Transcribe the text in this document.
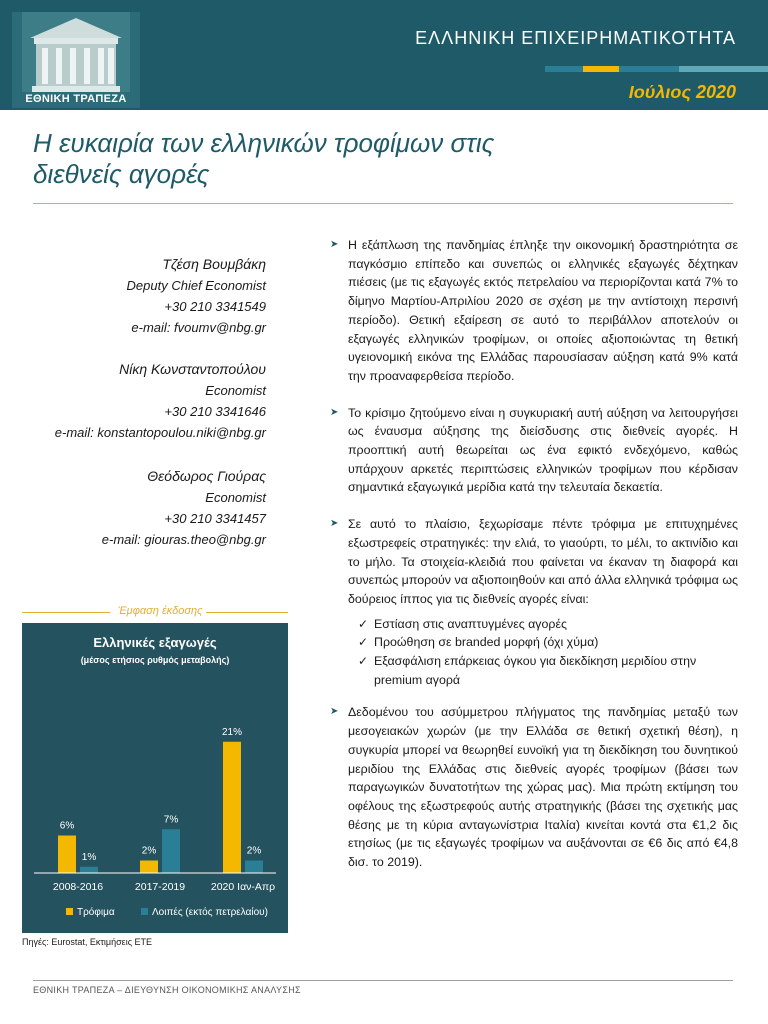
ΕΘΝΙΚΗ ΤΡΑΠΕΖΑ
ΕΛΛΗΝΙΚΗ ΕΠΙΧΕΙΡΗΜΑΤΙΚΟΤΗΤΑ
Ιούλιος 2020
Η ευκαιρία των ελληνικών τροφίμων στις
διεθνείς αγορές
Τζέση Βουμβάκη
Deputy Chief Economist
+30 210 3341549
e-mail: fvoumv@nbg.gr
Νίκη Κωνσταντοπούλου
Economist
+30 210 3341646
e-mail: konstantopoulou.niki@nbg.gr
Θεόδωρος Γιούρας
Economist
+30 210 3341457
e-mail: giouras.theo@nbg.gr
Έμφαση έκδοσης
Ελληνικές εξαγωγές
(μέσος ετήσιος ρυθμός μεταβολής)
6%
1%
2008-2016
2%
7%
2017-2019
21%
2%
2020 Ιαν-Απρ
Τρόφιμα	Λοιπές (εκτός πετρελαίου)
Πηγές: Eurostat, Εκτιμήσεις ΕΤΕ
➤ Η εξάπλωση της πανδημίας έπληξε την οικονομική δραστηριότητα σε παγκόσμιο επίπεδο και συνεπώς οι ελληνικές εξαγωγές δέχτηκαν πιέσεις (με τις εξαγωγές εκτός πετρελαίου να περιορίζονται κατά 7% το δίμηνο Μαρτίου-Απριλίου 2020 σε σχέση με την αντίστοιχη περσινή περίοδο). Θετική εξαίρεση σε αυτό το περιβάλλον αποτελούν οι εξαγωγές ελληνικών τροφίμων, οι οποίες αξιοποιώντας τη θετική υγειονομική εικόνα της Ελλάδας παρουσίασαν αύξηση κατά 9% κατά την προαναφερθείσα περίοδο.
➤ Το κρίσιμο ζητούμενο είναι η συγκυριακή αυτή αύξηση να λειτουργήσει ως έναυσμα αύξησης της διείσδυσης στις διεθνείς αγορές. Η προοπτική αυτή θεωρείται ως ένα εφικτό ενδεχόμενο, καθώς υπάρχουν αρκετές περιπτώσεις ελληνικών τροφίμων που κέρδισαν σημαντικά εξαγωγικά μερίδια κατά την τελευταία δεκαετία.
➤ Σε αυτό το πλαίσιο, ξεχωρίσαμε πέντε τρόφιμα με επιτυχημένες εξωστρεφείς στρατηγικές: την ελιά, το γιαούρτι, το μέλι, το ακτινίδιο και το μήλο. Τα στοιχεία-κλειδιά που φαίνεται να έκαναν τη διαφορά και συνεπώς μπορούν να αξιοποιηθούν και από άλλα ελληνικά τρόφιμα ως δούρειος ίππος για τις διεθνείς αγορές είναι:
✓ Εστίαση στις αναπτυγμένες αγορές
✓ Προώθηση σε branded μορφή (όχι χύμα)
✓ Εξασφάλιση επάρκειας όγκου για διεκδίκηση μεριδίου στην premium αγορά
➤ Δεδομένου του ασύμμετρου πλήγματος της πανδημίας μεταξύ των μεσογειακών χωρών (με την Ελλάδα σε θετική σχετική θέση), η συγκυρία μπορεί να θεωρηθεί ευνοϊκή για τη διεκδίκηση του δυνητικού μεριδίου της Ελλάδας στις διεθνείς αγορές τροφίμων (βάσει των παραγωγικών δυνατοτήτων της χώρας μας). Μια πρώτη εκτίμηση του οφέλους της εξωστρεφούς αυτής στρατηγικής (βάσει της σχετικής μας θέσης με τη κύρια ανταγωνίστρια Ιταλία) κινείται κοντά στα €1,2 δις ετησίως (με τις εξαγωγές τροφίμων να αυξάνονται σε €6 δις από €4,8 δισ. το 2019).
ΕΘΝΙΚΗ ΤΡΑΠΕΖΑ – ΔΙΕΥΘΥΝΣΗ ΟΙΚΟΝΟΜΙΚΗΣ ΑΝΑΛΥΣΗΣ
